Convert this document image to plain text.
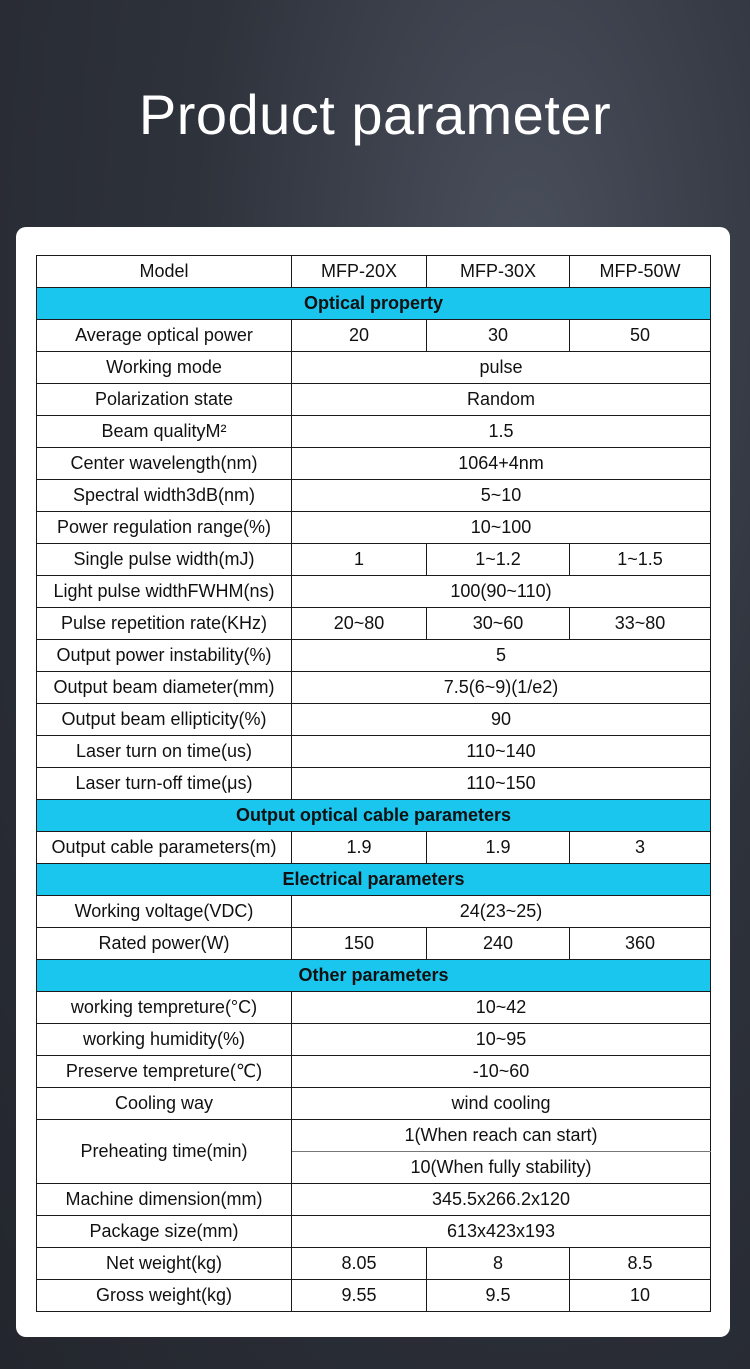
Product parameter
Model	MFP-20X	MFP-30X	MFP-50W
Optical property			
Average optical power	20	30	50
Working mode	pulse		
Polarization state	Random		
Beam qualityM²	1.5		
Center wavelength(nm)	1064+4nm		
Spectral width3dB(nm)	5~10		
Power regulation range(%)	10~100		
Single pulse width(mJ)	1	1~1.2	1~1.5
Light pulse widthFWHM(ns)	100(90~110)		
Pulse repetition rate(KHz)	20~80	30~60	33~80
Output power instability(%)	5		
Output beam diameter(mm)	7.5(6~9)(1/e2)		
Output beam ellipticity(%)	90		
Laser turn on time(us)	110~140		
Laser turn-off time(μs)	110~150		
Output optical cable parameters			
Output cable parameters(m)	1.9	1.9	3
Electrical parameters			
Working voltage(VDC)	24(23~25)		
Rated power(W)	150	240	360
Other parameters			
working tempreture(°C)	10~42		
working humidity(%)	10~95		
Preserve tempreture(℃)	-10~60		
Cooling way	wind cooling		
Preheating time(min)	1(When reach can start)		
	10(When fully stability)		
Machine dimension(mm)	345.5x266.2x120		
Package size(mm)	613x423x193		
Net weight(kg)	8.05	8	8.5
Gross weight(kg)	9.55	9.5	10
